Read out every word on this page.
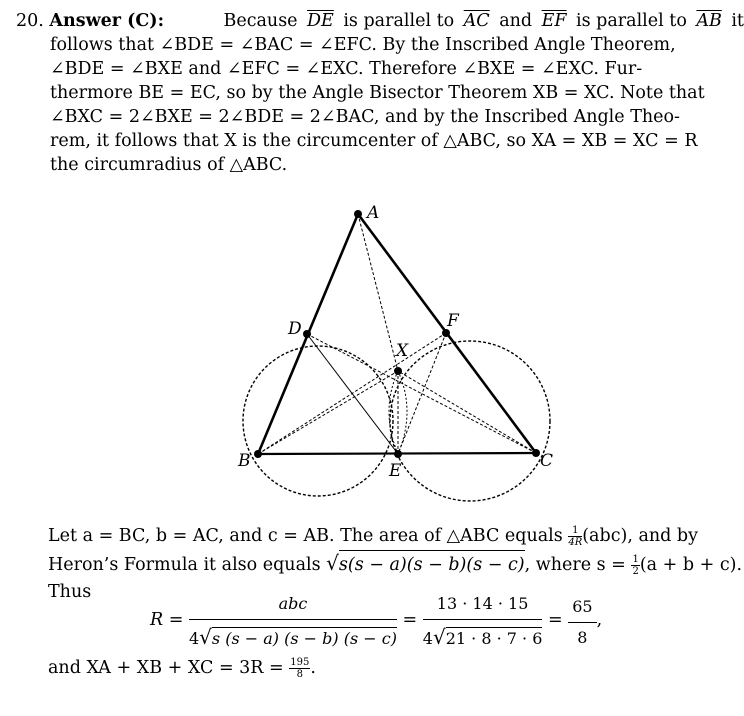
20. Answer (C):	Because $\overline{DE}$ is parallel to $\overline{AC}$ and $\overline{EF}$ is parallel to $\overline{AB}$ it
follows that ∠BDE = ∠BAC = ∠EFC. By the Inscribed Angle Theorem,
∠BDE = ∠BXE and ∠EFC = ∠EXC. Therefore ∠BXE = ∠EXC. Fur-
thermore BE = EC, so by the Angle Bisector Theorem XB = XC. Note that
∠BXC = 2∠BXE = 2∠BDE = 2∠BAC, and by the Inscribed Angle Theo-
rem, it follows that X is the circumcenter of △ABC, so XA = XB = XC = R
the circumradius of △ABC.
A
B	C
D
E
F
X
Let a = BC, b = AC, and c = AB. The area of △ABC equals $\frac{1}{4R} (abc)$, and by
Heron’s Formula it also equals √s(s − a)(s − b)(s − c), where $s = \frac{1}{2} (a + b + c)$.
Thus
R =
abc
4√s (s − a) (s − b) (s − c)
= $\frac{13 \cdot 14 \cdot 15}{4√21 \cdot 8 \cdot 7 \cdot 6} = \frac{65}{8}$ ,
and XA + XB + XC = $3R = \frac{195}{8}$ .
